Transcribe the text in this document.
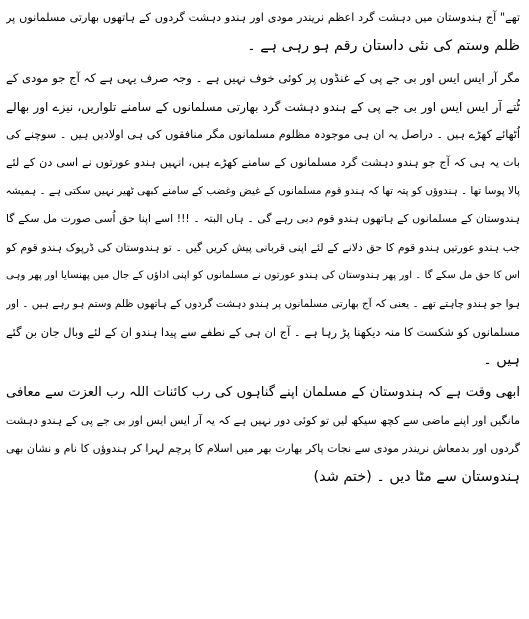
تھے" آج ہندوستان میں دہشت گرد اعظم نریندر مودی اور ہندو دہشت گردوں کے ہاتھوں بھارتی مسلمانوں پر
ظلم وستم کی نئی داستان رقم ہو رہی ہے ۔
مگر آر ایس ایس اور بی جے پی کے غنڈوں پر کوئی خوف نہیں ہے ۔ وجہ صرف یہی ہے کہ آج جو مودی کے
ٹُتے آر ایس ایس اور بی جے پی کے ہندو دہشت گرد بھارتی مسلمانوں کے سامنے تلواریں، نیزے اور بھالے
اُٹھائے کھڑے ہیں ۔ دراصل یہ ان ہی موجودہ مظلوم مسلمانوں مگر منافقوں کی ہی اولادیں ہیں ۔ سوچنے کی
بات یہ ہی کہ آج جو ہندو دہشت گرد مسلمانوں کے سامنے کھڑے ہیں، انہیں ہندو عورتوں نے اسی دن کے لئے
پالا پوسا تھا ۔ ہندوؤں کو پتہ تھا کہ ہندو قوم مسلمانوں کے غیض وغضب کے سامنے کبھی ٹھیر نہیں سکتی ہے ۔ ہمیشہ
ہندوستان کے مسلمانوں کے ہاتھوں ہندو قوم دبی رہے گی ۔ ہاں البتہ ۔ !!! اسے اپنا حق اُسی صورت مل سکے گا
جب ہندو عورتیں ہندو قوم کا حق دلانے کے لئے اپنی قربانی پیش کریں گیں ۔ تو ہندوستان کی ڈرپوک ہندو قوم کو
اس کا حق مل سکے گا ۔ اور پھر ہندوستان کی ہندو عورتوں نے مسلمانوں کو اپنی اداؤں کے جال میں پھنسایا اور پھر وہی
ہوا جو ہندو چاہتے تھے ۔ یعنی کہ آج بھارتی مسلمانوں پر ہندو دہشت گردوں کے ہاتھوں ظلم وستم ہو رہے ہیں ۔ اور
مسلمانوں کو شکست کا منہ دیکھنا پڑ رہا ہے ۔ آج ان ہی کے نطفے سے پیدا ہندو ان کے لئے وبال جان بن گئے
ہیں ۔
ابھی وقت ہے کہ ہندوستان کے مسلمان اپنے گناہوں کی رب کائنات اللہ رب العزت سے معافی
مانگیں اور اپنے ماضی سے کچھ سیکھ لیں تو کوئی دور نہیں ہے کہ یہ آر ایس ایس اور بی جے پی کے ہندو دہشت
گردوں اور بدمعاش نریندر مودی سے نجات پاکر بھارت بھر میں اسلام کا پرچم لہرا کر ہندوؤں کا نام و نشان بھی
ہندوستان سے مٹا دیں ۔ (ختم شد)
